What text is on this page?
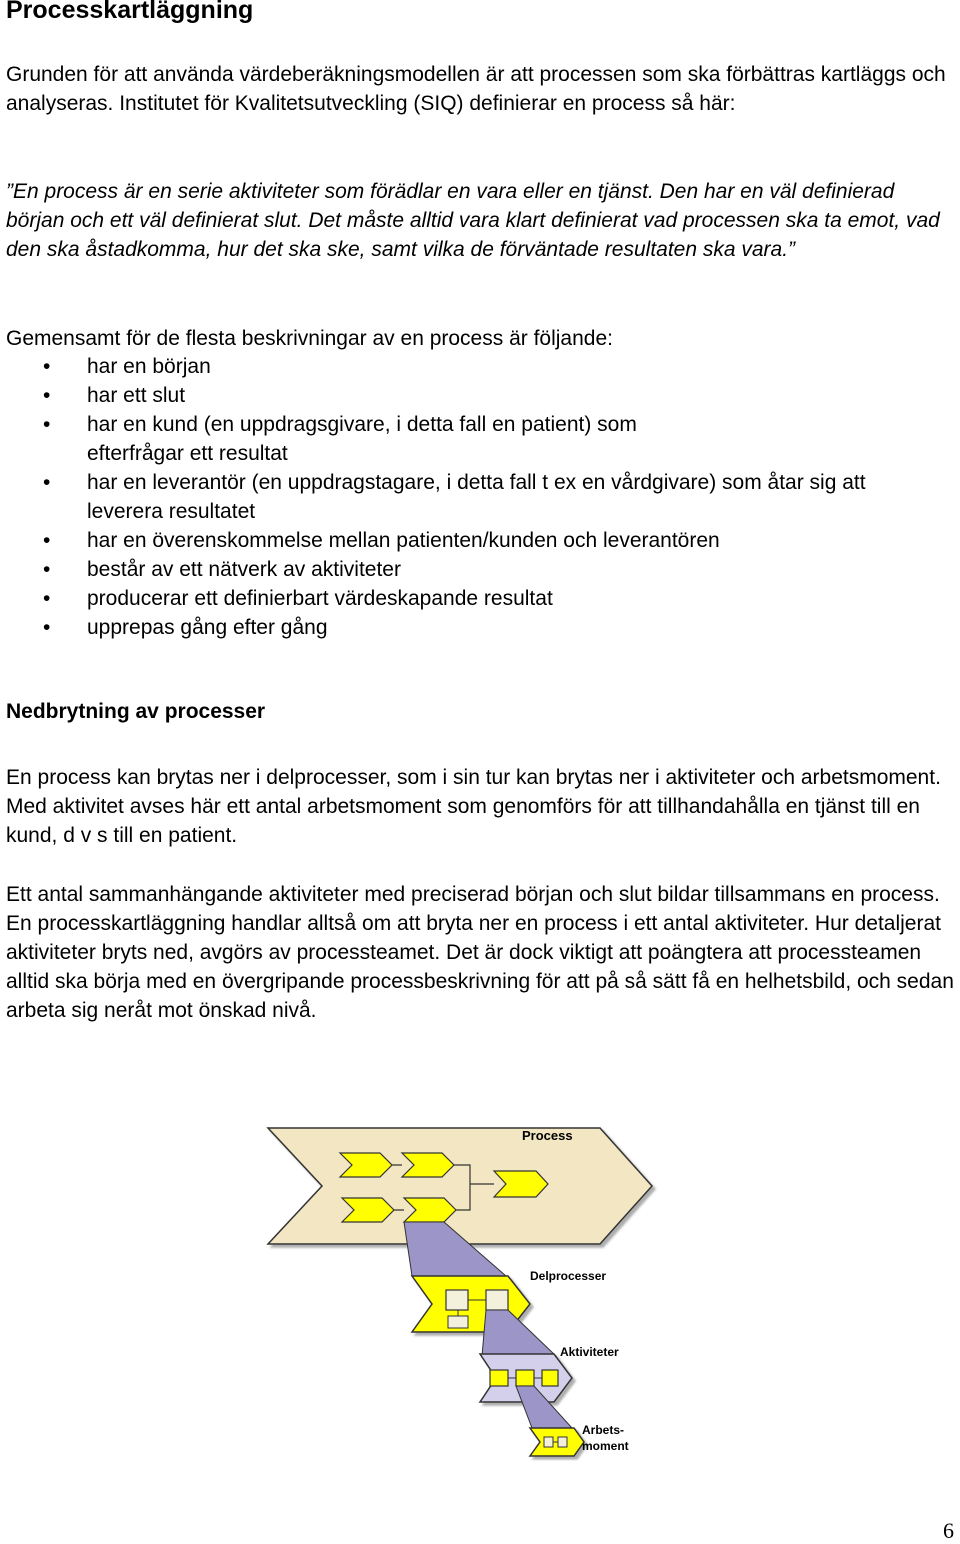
Processkartläggning

Grunden för att använda värdeberäkningsmodellen är att processen som ska förbättras kartläggs och analyseras. Institutet för Kvalitetsutveckling (SIQ) definierar en process så här:

”En process är en serie aktiviteter som förädlar en vara eller en tjänst. Den har en väl definierad början och ett väl definierat slut. Det måste alltid vara klart definierat vad processen ska ta emot, vad den ska åstadkomma, hur det ska ske, samt vilka de förväntade resultaten ska vara.”

Gemensamt för de flesta beskrivningar av en process är följande:

• har en början
• har ett slut
• har en kund (en uppdragsgivare, i detta fall en patient) som efterfrågar ett resultat
• har en leverantör (en uppdragstagare, i detta fall t ex en vårdgivare) som åtar sig att leverera resultatet
• har en överenskommelse mellan patienten/kunden och leverantören
• består av ett nätverk av aktiviteter
• producerar ett definierbart värdeskapande resultat
• upprepas gång efter gång
Nedbrytning av processer

En process kan brytas ner i delprocesser, som i sin tur kan brytas ner i aktiviteter och arbetsmoment. Med aktivitet avses här ett antal arbetsmoment som genomförs för att tillhandahålla en tjänst till en kund, d v s till en patient.

Ett antal sammanhängande aktiviteter med preciserad början och slut bildar tillsammans en process. En processkartläggning handlar alltså om att bryta ner en process i ett antal aktiviteter. Hur detaljerat aktiviteter bryts ned, avgörs av processteamet. Det är dock viktigt att poängtera att processteamen alltid ska börja med en övergripande processbeskrivning för att på så sätt få en helhetsbild, och sedan arbeta sig neråt mot önskad nivå.

Process
Delprocesser
Aktiviteter
Arbets-
moment
6
